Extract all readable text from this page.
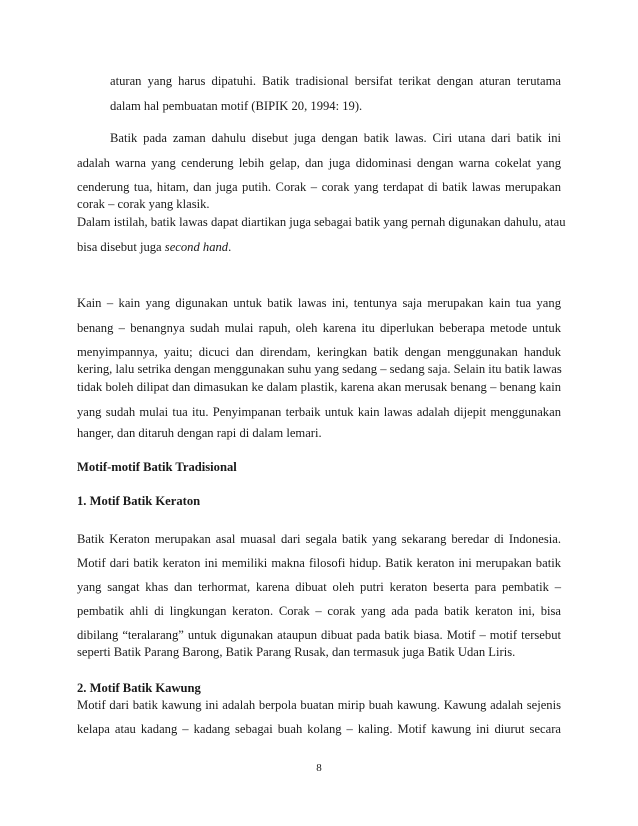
aturan yang harus dipatuhi. Batik tradisional bersifat terikat dengan aturan terutama
dalam hal pembuatan motif (BIPIK 20, 1994: 19).
Batik pada zaman dahulu disebut juga dengan batik lawas. Ciri utana dari batik ini
adalah warna yang cenderung lebih gelap, dan juga didominasi dengan warna cokelat yang
cenderung tua, hitam, dan juga putih. Corak – corak yang terdapat di batik lawas merupakan
corak – corak yang klasik.
Dalam istilah, batik lawas dapat diartikan juga sebagai batik yang pernah digunakan dahulu, atau
bisa disebut juga second hand.
Kain – kain yang digunakan untuk batik lawas ini, tentunya saja merupakan kain tua yang
benang – benangnya sudah mulai rapuh, oleh karena itu diperlukan beberapa metode untuk
menyimpannya, yaitu; dicuci dan direndam, keringkan batik dengan menggunakan handuk
kering, lalu setrika dengan menggunakan suhu yang sedang – sedang saja. Selain itu batik lawas
tidak boleh dilipat dan dimasukan ke dalam plastik, karena akan merusak benang – benang kain
yang sudah mulai tua itu. Penyimpanan terbaik untuk kain lawas adalah dijepit menggunakan
hanger, dan ditaruh dengan rapi di dalam lemari.
Motif-motif Batik Tradisional
1. Motif Batik Keraton
Batik Keraton merupakan asal muasal dari segala batik yang sekarang beredar di Indonesia.
Motif dari batik keraton ini memiliki makna filosofi hidup. Batik keraton ini merupakan batik
yang sangat khas dan terhormat, karena dibuat oleh putri keraton beserta para pembatik –
pembatik ahli di lingkungan keraton. Corak – corak yang ada pada batik keraton ini, bisa
dibilang “teralarang” untuk digunakan ataupun dibuat pada batik biasa. Motif – motif tersebut
seperti Batik Parang Barong, Batik Parang Rusak, dan termasuk juga Batik Udan Liris.
2. Motif Batik Kawung
Motif dari batik kawung ini adalah berpola buatan mirip buah kawung. Kawung adalah sejenis
kelapa atau kadang – kadang sebagai buah kolang – kaling. Motif kawung ini diurut secara
8
